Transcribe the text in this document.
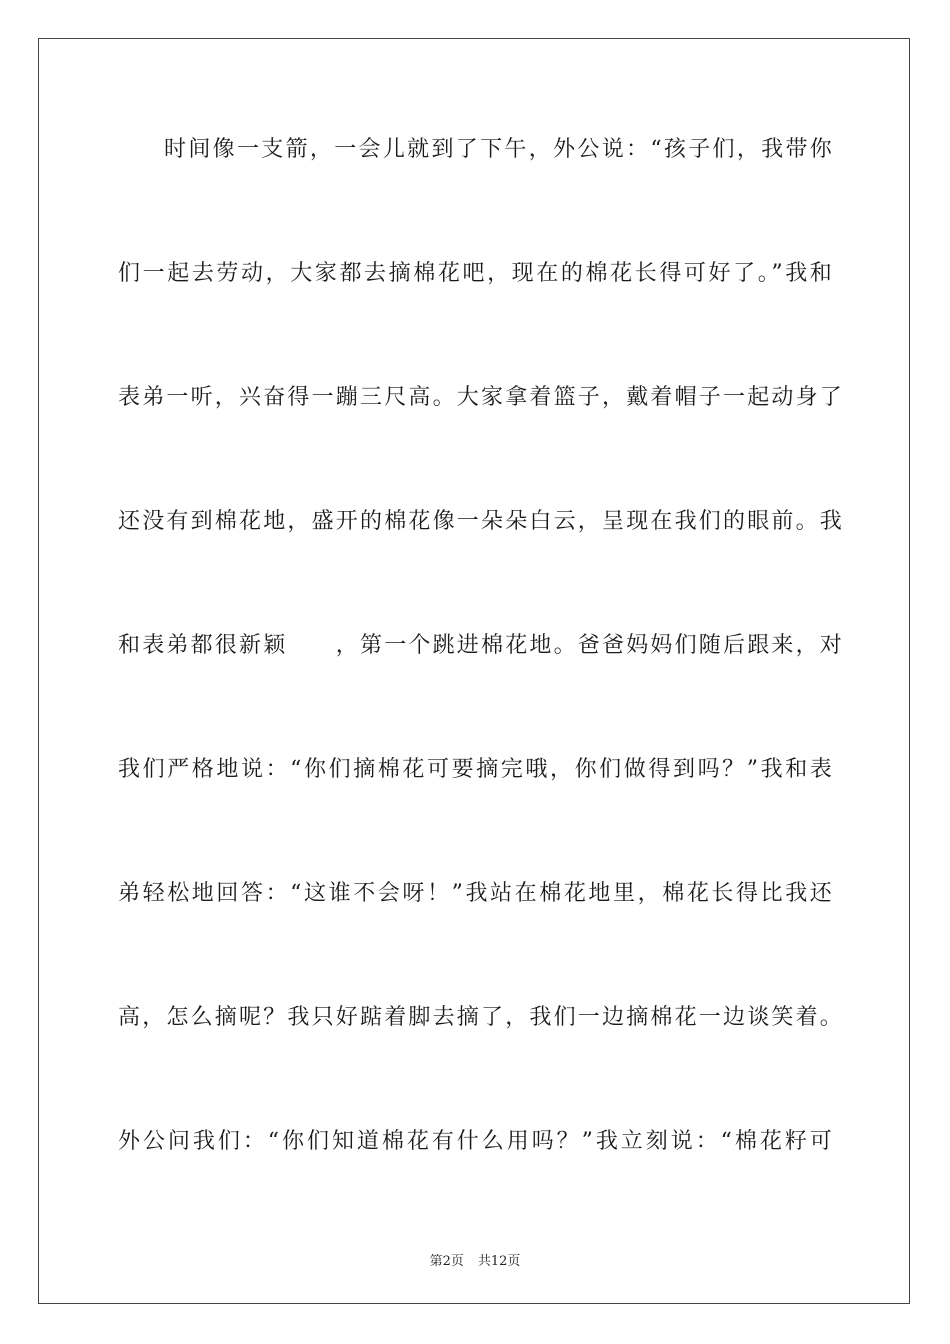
时间像一支箭，一会儿就到了下午，外公说：“孩子们，我带你
们一起去劳动，大家都去摘棉花吧，现在的棉花长得可好了。”我和
表弟一听，兴奋得一蹦三尺高。大家拿着篮子，戴着帽子一起动身了
还没有到棉花地，盛开的棉花像一朵朵白云，呈现在我们的眼前。我
和表弟都很新颖　　，第一个跳进棉花地。爸爸妈妈们随后跟来，对
我们严格地说：“你们摘棉花可要摘完哦，你们做得到吗？”我和表
弟轻松地回答：“这谁不会呀！”我站在棉花地里，棉花长得比我还
高，怎么摘呢？我只好踮着脚去摘了，我们一边摘棉花一边谈笑着。
外公问我们：“你们知道棉花有什么用吗？”我立刻说：“棉花籽可
第2页 共12页
